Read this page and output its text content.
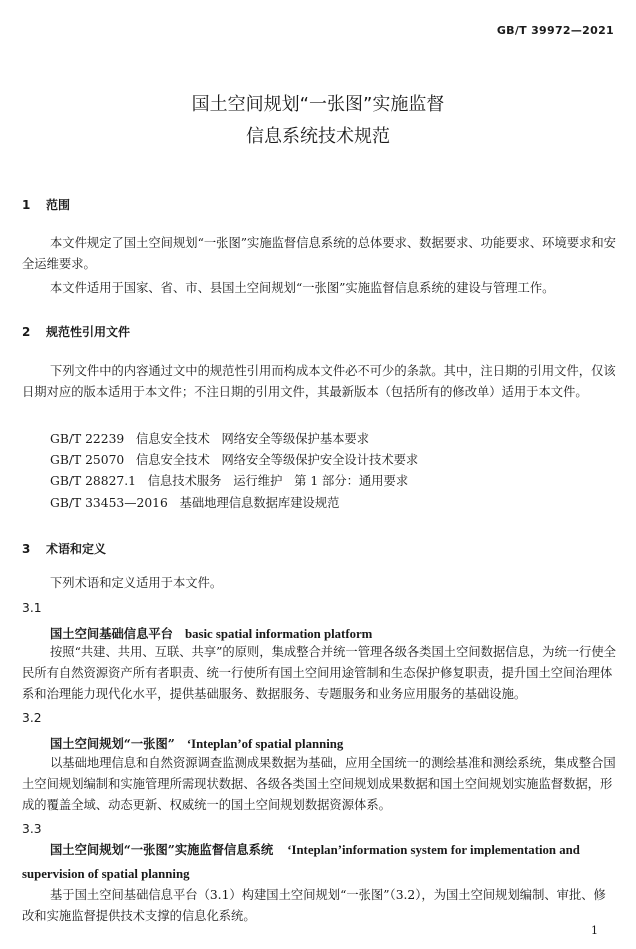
GB/T 39972—2021
国土空间规划“一张图”实施监督
信息系统技术规范
1 范围
本文件规定了国土空间规划“一张图”实施监督信息系统的总体要求、数据要求、功能要求、环境要求和安全运维要求。
本文件适用于国家、省、市、县国土空间规划“一张图”实施监督信息系统的建设与管理工作。
2 规范性引用文件
下列文件中的内容通过文中的规范性引用而构成本文件必不可少的条款。其中，注日期的引用文件，仅该日期对应的版本适用于本文件；不注日期的引用文件，其最新版本（包括所有的修改单）适用于本文件。
GB/T 22239   信息安全技术   网络安全等级保护基本要求
GB/T 25070   信息安全技术   网络安全等级保护安全设计技术要求
GB/T 28827.1   信息技术服务   运行维护   第 1 部分：通用要求
GB/T 33453—2016   基础地理信息数据库建设规范
3 术语和定义
下列术语和定义适用于本文件。
3.1
国土空间基础信息平台 basic spatial information platform
按照“共建、共用、互联、共享”的原则，集成整合并统一管理各级各类国土空间数据信息，为统一行使全民所有自然资源资产所有者职责、统一行使所有国土空间用途管制和生态保护修复职责，提升国土空间治理体系和治理能力现代化水平，提供基础服务、数据服务、专题服务和业务应用服务的基础设施。
3.2
国土空间规划“一张图” ‘Inteplan’of spatial planning
以基础地理信息和自然资源调查监测成果数据为基础，应用全国统一的测绘基准和测绘系统，集成整合国土空间规划编制和实施管理所需现状数据、各级各类国土空间规划成果数据和国土空间规划实施监督数据，形成的覆盖全域、动态更新、权威统一的国土空间规划数据资源体系。
3.3
国土空间规划“一张图”实施监督信息系统 ‘Inteplan’information system for implementation and supervision of spatial planning
基于国土空间基础信息平台（3.1）构建国土空间规划“一张图”（3.2），为国土空间规划编制、审批、修改和实施监督提供技术支撑的信息化系统。
1
